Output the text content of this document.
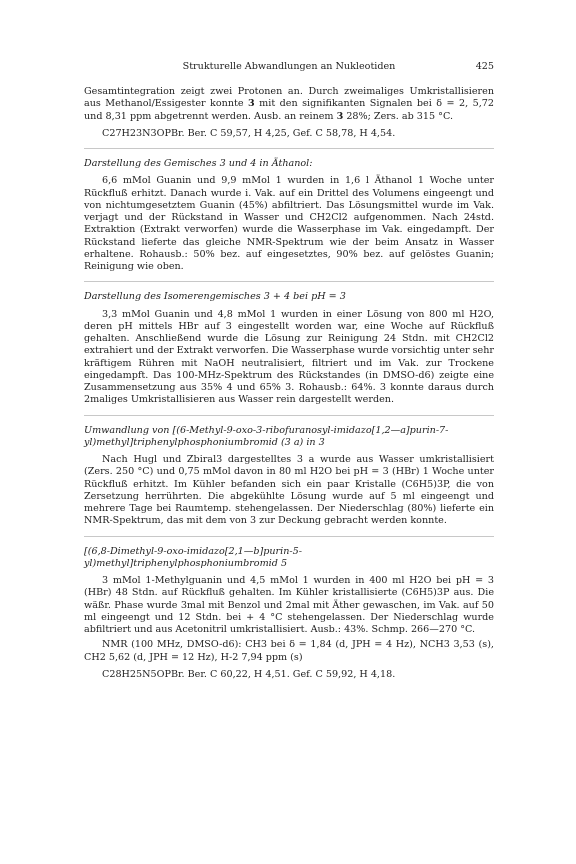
Strukturelle Abwandlungen an Nukleotiden	425

Gesamtintegration zeigt zwei Protonen an. Durch zweimaliges Umkristallisieren aus Methanol/Essigester konnte 3 mit den signifikanten Signalen bei δ = 2, 5,72 und 8,31 ppm abgetrennt werden. Ausb. an reinem 3 28%; Zers. ab 315 °C.

C27H23N3OPBr. Ber. C 59,57, H 4,25, Gef. C 58,78, H 4,54.

Darstellung des Gemisches 3 und 4 in Äthanol:

6,6 mMol Guanin und 9,9 mMol 1 wurden in 1,6 l Äthanol 1 Woche unter Rückfluß erhitzt. Danach wurde i. Vak. auf ein Drittel des Volumens eingeengt und von nichtumgesetztem Guanin (45%) abfiltriert. Das Lösungsmittel wurde im Vak. verjagt und der Rückstand in Wasser und CH2Cl2 aufgenommen. Nach 24std. Extraktion (Extrakt verworfen) wurde die Wasserphase im Vak. eingedampft. Der Rückstand lieferte das gleiche NMR-Spektrum wie der beim Ansatz in Wasser erhaltene. Rohausb.: 50% bez. auf eingesetztes, 90% bez. auf gelöstes Guanin; Reinigung wie oben.

Darstellung des Isomerengemisches 3 + 4 bei pH = 3

3,3 mMol Guanin und 4,8 mMol 1 wurden in einer Lösung von 800 ml H2O, deren pH mittels HBr auf 3 eingestellt worden war, eine Woche auf Rückfluß gehalten. Anschließend wurde die Lösung zur Reinigung 24 Stdn. mit CH2Cl2 extrahiert und der Extrakt verworfen. Die Wasserphase wurde vorsichtig unter sehr kräftigem Rühren mit NaOH neutralisiert, filtriert und im Vak. zur Trockene eingedampft. Das 100-MHz-Spektrum des Rückstandes (in DMSO-d6) zeigte eine Zusammensetzung aus 35% 4 und 65% 3. Rohausb.: 64%. 3 konnte daraus durch 2maliges Umkristallisieren aus Wasser rein dargestellt werden.

Umwandlung von [(6-Methyl-9-oxo-3-ribofuranosyl-imidazo[1,2—a]purin-7-yl)methyl]triphenylphosphoniumbromid (3 a) in 3

Nach Hugl und Zbiral3 dargestelltes 3 a wurde aus Wasser umkristallisiert (Zers. 250 °C) und 0,75 mMol davon in 80 ml H2O bei pH = 3 (HBr) 1 Woche unter Rückfluß erhitzt. Im Kühler befanden sich ein paar Kristalle (C6H5)3P, die von Zersetzung herrührten. Die abgekühlte Lösung wurde auf 5 ml eingeengt und mehrere Tage bei Raumtemp. stehengelassen. Der Niederschlag (80%) lieferte ein NMR-Spektrum, das mit dem von 3 zur Deckung gebracht werden konnte.

[(6,8-Dimethyl-9-oxo-imidazo[2,1—b]purin-5-yl)methyl]triphenylphosphoniumbromid 5

3 mMol 1-Methylguanin und 4,5 mMol 1 wurden in 400 ml H2O bei pH = 3 (HBr) 48 Stdn. auf Rückfluß gehalten. Im Kühler kristallisierte (C6H5)3P aus. Die wäßr. Phase wurde 3mal mit Benzol und 2mal mit Äther gewaschen, im Vak. auf 50 ml eingeengt und 12 Stdn. bei + 4 °C stehengelassen. Der Niederschlag wurde abfiltriert und aus Acetonitril umkristallisiert. Ausb.: 43%. Schmp. 266—270 °C.

NMR (100 MHz, DMSO-d6): CH3 bei δ = 1,84 (d, JPH = 4 Hz), NCH3 3,53 (s), CH2 5,62 (d, JPH = 12 Hz), H-2 7,94 ppm (s)

C28H25N5OPBr. Ber. C 60,22, H 4,51. Gef. C 59,92, H 4,18.
